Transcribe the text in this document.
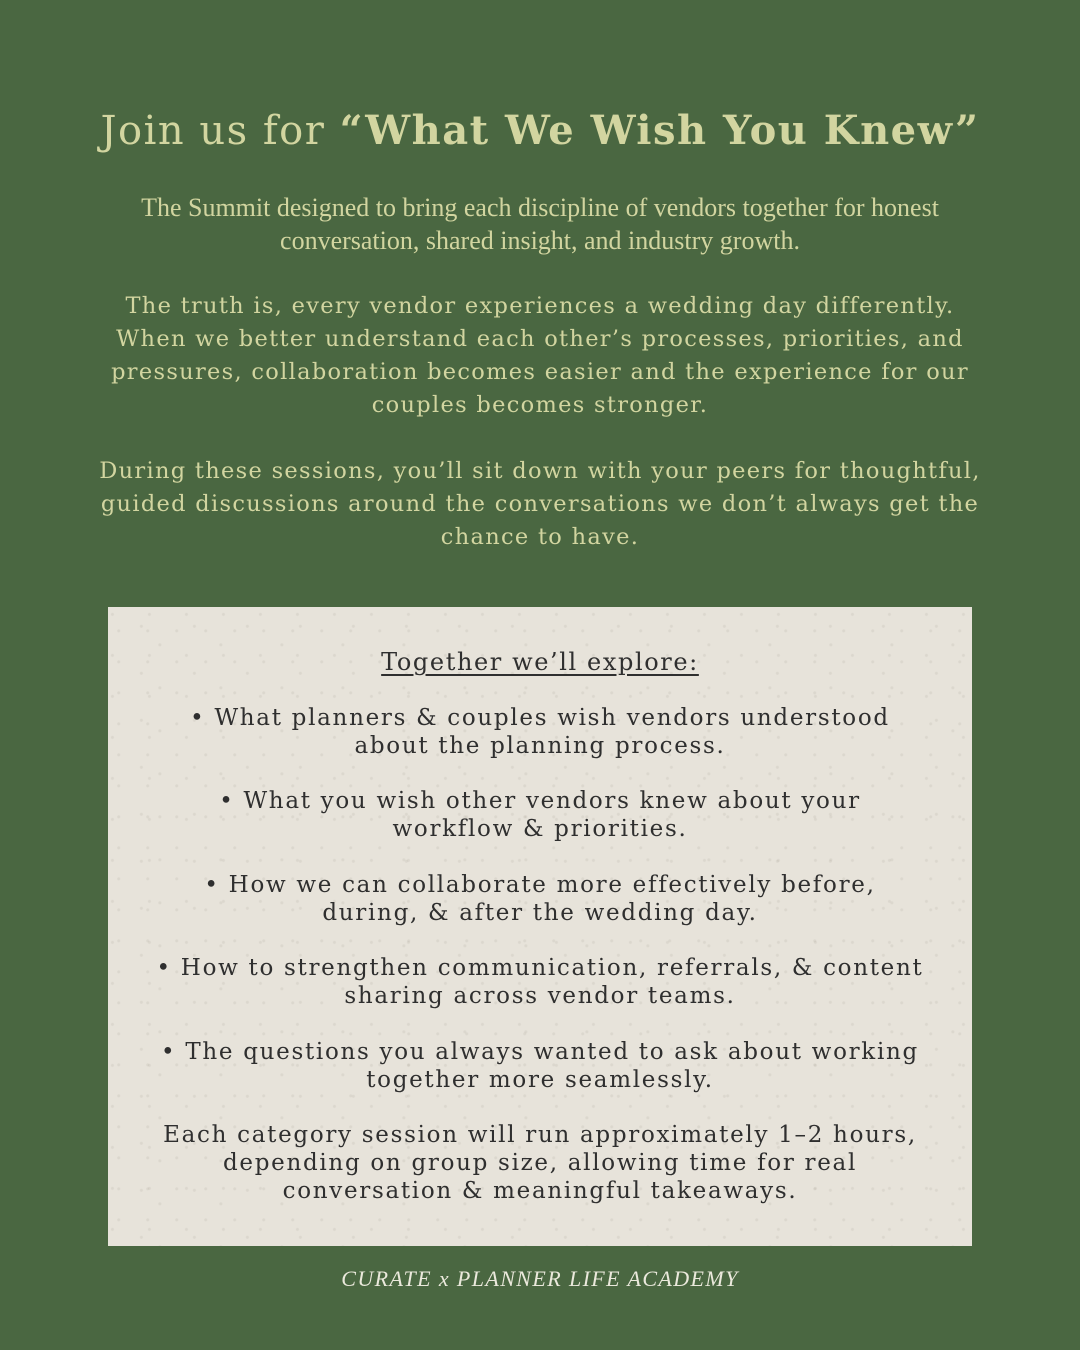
Join us for “What We Wish You Knew”

The Summit designed to bring each discipline of vendors together for honest conversation, shared insight, and industry growth.

The truth is, every vendor experiences a wedding day differently. When we better understand each other’s processes, priorities, and pressures, collaboration becomes easier and the experience for our couples becomes stronger.

During these sessions, you’ll sit down with your peers for thoughtful, guided discussions around the conversations we don’t always get the chance to have.

Together we’ll explore:
• What planners & couples wish vendors understood
about the planning process.
• What you wish other vendors knew about your
workflow & priorities.
• How we can collaborate more effectively before,
during, & after the wedding day.
• How to strengthen communication, referrals, & content
sharing across vendor teams.
• The questions you always wanted to ask about working
together more seamlessly.

Each category session will run approximately 1–2 hours,
depending on group size, allowing time for real
conversation & meaningful takeaways.

CURATE x PLANNER LIFE ACADEMY
